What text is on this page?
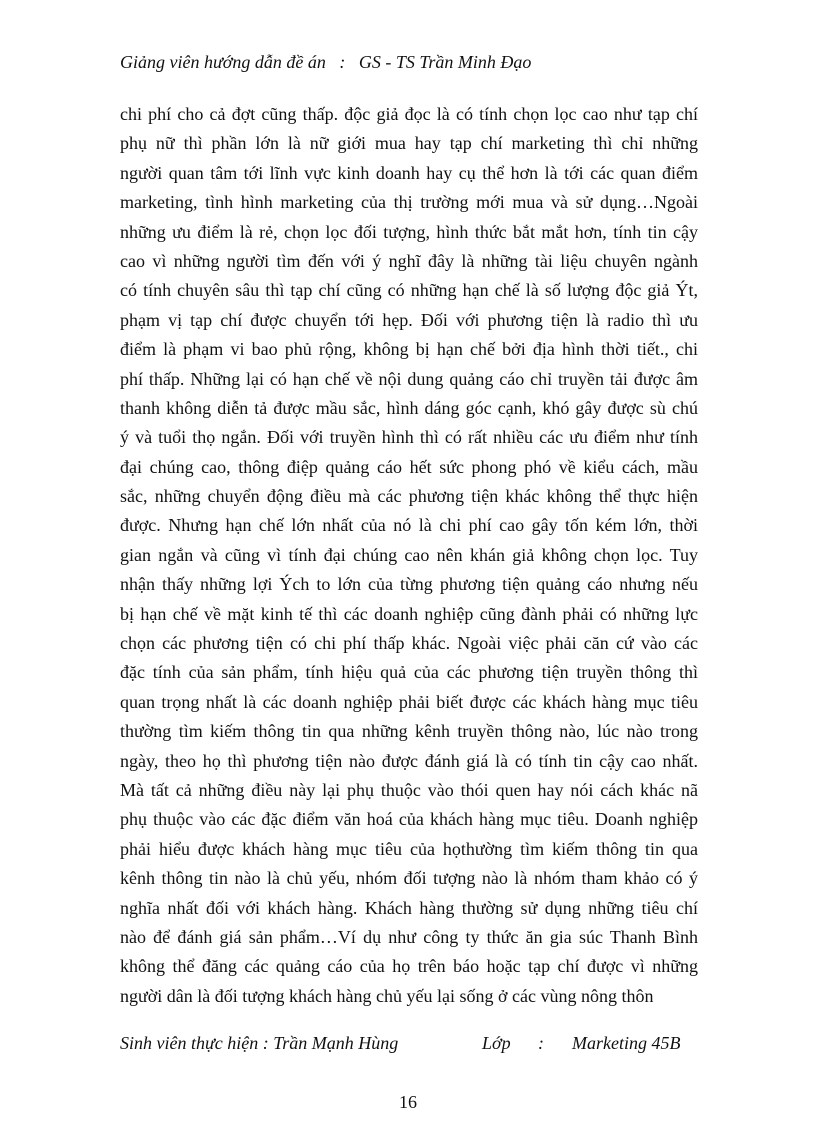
Giảng viên hướng dẫn đề án   :   GS - TS Trần Minh Đạo
chi phí cho cả đợt cũng thấp. độc giả đọc là có tính chọn lọc cao như tạp chí
phụ nữ thì phần lớn là nữ giới mua hay tạp chí marketing thì chỉ những
người quan tâm tới lĩnh vực kinh doanh hay cụ thể hơn là tới các quan điểm
marketing, tình hình marketing của thị trường mới mua và sử dụng…Ngoài
những ưu điểm là rẻ, chọn lọc đối tượng, hình thức bắt mắt hơn, tính tin cậy
cao vì những người tìm đến với ý nghĩ đây là những tài liệu chuyên ngành
có tính chuyên sâu thì tạp chí cũng có những hạn chế là số lượng độc giả Ýt,
phạm vị tạp chí được chuyển tới hẹp. Đối với phương tiện là radio thì ưu
điểm là phạm vi bao phủ rộng, không bị hạn chế bởi địa hình thời tiết., chi
phí thấp. Những lại có hạn chế về nội dung quảng cáo chỉ truyền tải được âm
thanh không diễn tả được mầu sắc, hình dáng góc cạnh, khó gây được sù chú
ý và tuổi thọ ngắn. Đối với truyền hình thì có rất nhiều các ưu điểm như tính
đại chúng cao, thông điệp quảng cáo hết sức phong phó về kiểu cách, mầu
sắc, những chuyển động điều mà các phương tiện khác không thể thực hiện
được. Nhưng hạn chế lớn nhất của nó là chi phí cao gây tốn kém lớn, thời
gian ngắn và cũng vì tính đại chúng cao nên khán giả không chọn lọc. Tuy
nhận thấy những lợi Ých to lớn của từng phương tiện quảng cáo nhưng nếu
bị hạn chế về mặt kinh tế thì các doanh nghiệp cũng đành phải có những lực
chọn các phương tiện có chi phí thấp khác. Ngoài việc phải căn cứ vào các
đặc tính của sản phẩm, tính hiệu quả của các phương tiện truyền thông thì
quan trọng nhất là các doanh nghiệp phải biết được các khách hàng mục tiêu
thường tìm kiếm thông tin qua những kênh truyền thông nào, lúc nào trong
ngày, theo họ thì phương tiện nào được đánh giá là có tính tin cậy cao nhất.
Mà tất cả những điều này lại phụ thuộc vào thói quen hay nói cách khác nã
phụ thuộc vào các đặc điểm văn hoá của khách hàng mục tiêu. Doanh nghiệp
phải hiểu được khách hàng mục tiêu của họthường tìm kiếm thông tin qua
kênh thông tin nào là chủ yếu, nhóm đối tượng nào là nhóm tham khảo có ý
nghĩa nhất đối với khách hàng. Khách hàng thường sử dụng những tiêu chí
nào để đánh giá sản phẩm…Ví dụ như công ty thức ăn gia súc Thanh Bình
không thể đăng các quảng cáo của họ trên báo hoặc tạp chí được vì những
người dân là đối tượng khách hàng chủ yếu lại sống ở các vùng nông thôn
Sinh viên thực hiện : Trần Mạnh Hùng	Lớp : Marketing 45B
16
